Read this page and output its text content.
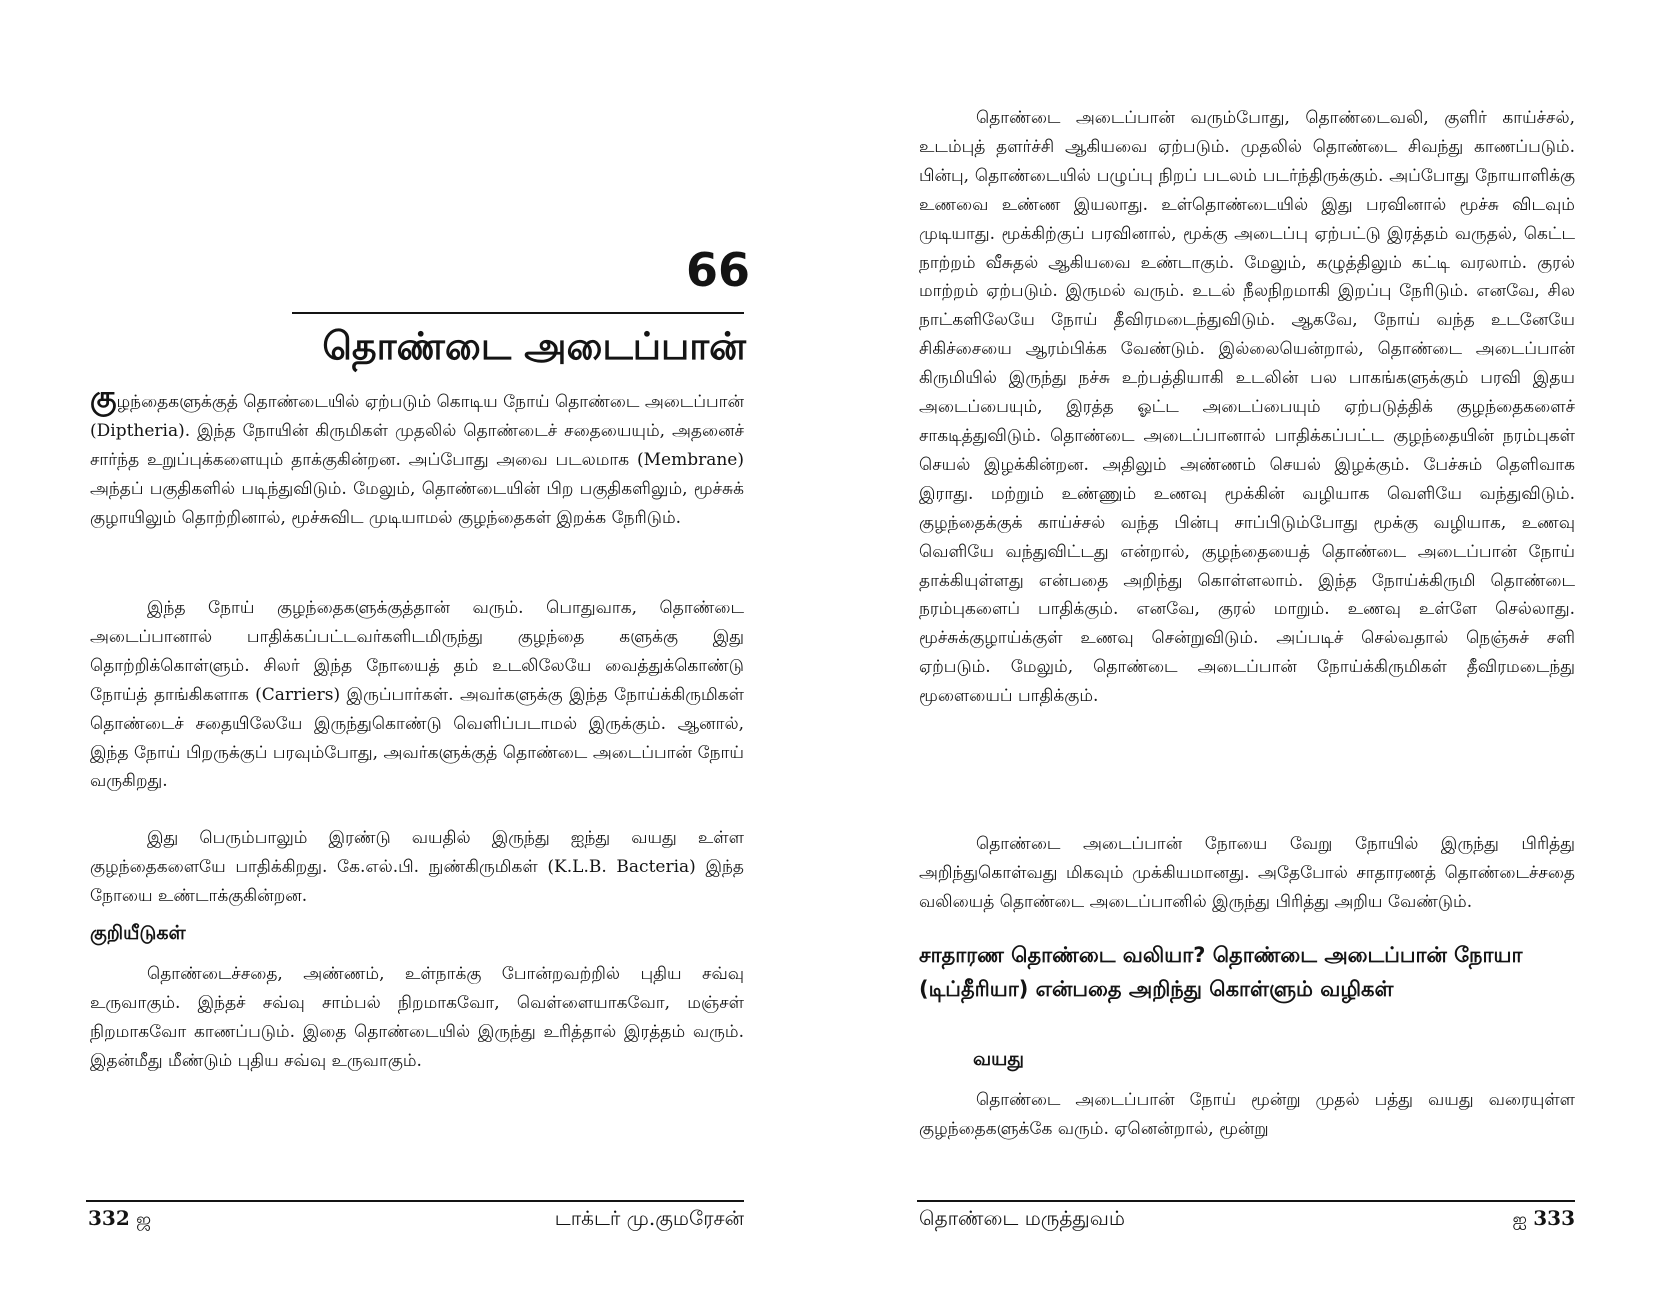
66
தொண்டை அடைப்பான்

குழந்தைகளுக்குத் தொண்டையில் ஏற்படும் கொடிய நோய் தொண்டை அடைப்பான் (Diptheria). இந்த நோயின் கிருமிகள் முதலில் தொண்டைச் சதையையும், அதனைச் சார்ந்த உறுப்புக்களையும் தாக்குகின்றன. அப்போது அவை படலமாக (Membrane) அந்தப் பகுதிகளில் படிந்துவிடும். மேலும், தொண்டையின் பிற பகுதிகளிலும், மூச்சுக் குழாயிலும் தொற்றினால், மூச்சுவிட முடியாமல் குழந்தைகள் இறக்க நேரிடும்.

இந்த நோய் குழந்தைகளுக்குத்தான் வரும். பொதுவாக, தொண்டை அடைப்பானால் பாதிக்கப்பட்டவர்களிடமிருந்து குழந்தை களுக்கு இது தொற்றிக்கொள்ளும். சிலர் இந்த நோயைத் தம் உடலிலேயே வைத்துக்கொண்டு நோய்த் தாங்கிகளாக (Carriers) இருப்பார்கள். அவர்களுக்கு இந்த நோய்க்கிருமிகள் தொண்டைச் சதையிலேயே இருந்துகொண்டு வெளிப்படாமல் இருக்கும். ஆனால், இந்த நோய் பிறருக்குப் பரவும்போது, அவர்களுக்குத் தொண்டை அடைப்பான் நோய் வருகிறது.

இது பெரும்பாலும் இரண்டு வயதில் இருந்து ஐந்து வயது உள்ள குழந்தைகளையே பாதிக்கிறது. கே.எல்.பி. நுண்கிருமிகள் (K.L.B. Bacteria) இந்த நோயை உண்டாக்குகின்றன.

குறியீடுகள்

தொண்டைச்சதை, அண்ணம், உள்நாக்கு போன்றவற்றில் புதிய சவ்வு உருவாகும். இந்தச் சவ்வு சாம்பல் நிறமாகவோ, வெள்ளையாகவோ, மஞ்சள் நிறமாகவோ காணப்படும். இதை தொண்டையில் இருந்து உரித்தால் இரத்தம் வரும். இதன்மீது மீண்டும் புதிய சவ்வு உருவாகும்.

332 ஜ	டாக்டர் மு.குமரேசன்

தொண்டை அடைப்பான் வரும்போது, தொண்டைவலி, குளிர் காய்ச்சல், உடம்புத் தளர்ச்சி ஆகியவை ஏற்படும். முதலில் தொண்டை சிவந்து காணப்படும். பின்பு, தொண்டையில் பழுப்பு நிறப் படலம் படர்ந்திருக்கும். அப்போது நோயாளிக்கு உணவை உண்ண இயலாது. உள்தொண்டையில் இது பரவினால் மூச்சு விடவும் முடியாது. மூக்கிற்குப் பரவினால், மூக்கு அடைப்பு ஏற்பட்டு இரத்தம் வருதல், கெட்ட நாற்றம் வீசுதல் ஆகியவை உண்டாகும். மேலும், கழுத்திலும் கட்டி வரலாம். குரல் மாற்றம் ஏற்படும். இருமல் வரும். உடல் நீலநிறமாகி இறப்பு நேரிடும். எனவே, சில நாட்களிலேயே நோய் தீவிரமடைந்துவிடும். ஆகவே, நோய் வந்த உடனேயே சிகிச்சையை ஆரம்பிக்க வேண்டும். இல்லையென்றால், தொண்டை அடைப்பான் கிருமியில் இருந்து நச்சு உற்பத்தியாகி உடலின் பல பாகங்களுக்கும் பரவி இதய அடைப்பையும், இரத்த ஓட்ட அடைப்பையும் ஏற்படுத்திக் குழந்தைகளைச் சாகடித்துவிடும். தொண்டை அடைப்பானால் பாதிக்கப்பட்ட குழந்தையின் நரம்புகள் செயல் இழக்கின்றன. அதிலும் அண்ணம் செயல் இழக்கும். பேச்சும் தெளிவாக இராது. மற்றும் உண்ணும் உணவு மூக்கின் வழியாக வெளியே வந்துவிடும். குழந்தைக்குக் காய்ச்சல் வந்த பின்பு சாப்பிடும்போது மூக்கு வழியாக, உணவு வெளியே வந்துவிட்டது என்றால், குழந்தையைத் தொண்டை அடைப்பான் நோய் தாக்கியுள்ளது என்பதை அறிந்து கொள்ளலாம். இந்த நோய்க்கிருமி தொண்டை நரம்புகளைப் பாதிக்கும். எனவே, குரல் மாறும். உணவு உள்ளே செல்லாது. மூச்சுக்குழாய்க்குள் உணவு சென்றுவிடும். அப்படிச் செல்வதால் நெஞ்சுச் சளி ஏற்படும். மேலும், தொண்டை அடைப்பான் நோய்க்கிருமிகள் தீவிரமடைந்து மூளையைப் பாதிக்கும்.

தொண்டை அடைப்பான் நோயை வேறு நோயில் இருந்து பிரித்து அறிந்துகொள்வது மிகவும் முக்கியமானது. அதேபோல் சாதாரணத் தொண்டைச்சதை வலியைத் தொண்டை அடைப்பானில் இருந்து பிரித்து அறிய வேண்டும்.

சாதாரண தொண்டை வலியா? தொண்டை அடைப்பான் நோயா (டிப்தீரியா) என்பதை அறிந்து கொள்ளும் வழிகள்
வயது

தொண்டை அடைப்பான் நோய் மூன்று முதல் பத்து வயது வரையுள்ள குழந்தைகளுக்கே வரும். ஏனென்றால், மூன்று

தொண்டை மருத்துவம்	ஐ 333
